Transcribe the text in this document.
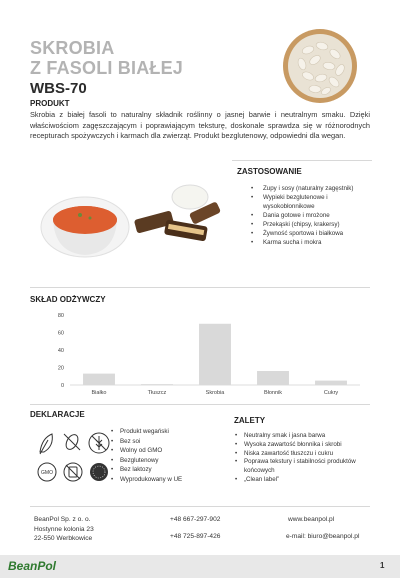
SKROBIA
Z FASOLI BIAŁEJ
WBS-70
PRODUKT

Skrobia z białej fasoli to naturalny składnik roślinny o jasnej barwie i neutralnym smaku. Dzięki właściwościom zagęszczającym i poprawiającym teksturę, doskonale sprawdza się w różnorodnych recepturach spożywczych i karmach dla zwierząt. Produkt bezglutenowy, odpowiedni dla wegan.

ZASTOSOWANIE
• Zupy i sosy (naturalny zagęstnik)
• Wypieki bezglutenowe i wysokobłonnikowe
• Dania gotowe i mrożone
• Przekąski (chipsy, krakersy)
• Żywność sportowa i białkowa
• Karma sucha i mokra
SKŁAD ODŻYWCZY
80
60
40
20
0
Białko	Tłuszcz	Skrobia	Błonnik	Cukry
DEKLARACJE
GMO
• Produkt wegański
• Bez soi
• Wolny od GMO
• Bezglutenowy
• Bez laktozy
• Wyprodukowany w UE
ZALETY
• Neutralny smak i jasna barwa
• Wysoka zawartość błonnika i skrobi
• Niska zawartość tłuszczu i cukru
• Poprawa tekstury i stabilności produktów końcowych
• „Clean label”
BeanPol Sp. z o. o.
Hostynne kolonia 23
22-550 Werbkowice
+48 667-297-902
+48 725-897-426
www.beanpol.pl
e-mail: biuro@beanpol.pl
BeanPol	1
